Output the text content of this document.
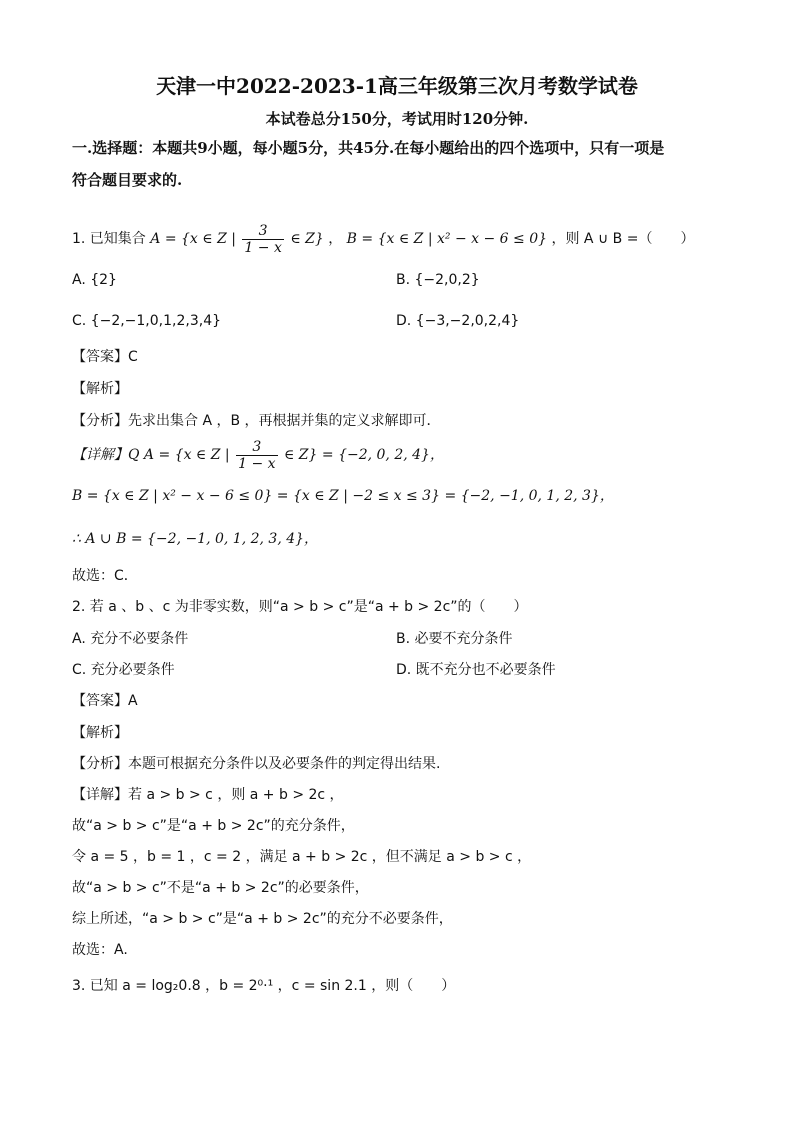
天津一中2022-2023-1高三年级第三次月考数学试卷
本试卷总分150分，考试用时120分钟.
一.选择题：本题共9小题，每小题5分，共45分.在每小题给出的四个选项中，只有一项是
符合题目要求的.
1. 已知集合 A = {x ∈ Z | $\frac{3}{1 - x}$ ∈ Z} ， B = {x ∈ Z | x² − x − 6 ≤ 0} ，则 A ∪ B =（　　）
A. {2}	B. {−2,0,2}
C. {−2,−1,0,1,2,3,4}	D. {−3,−2,0,2,4}
【答案】C
【解析】
【分析】先求出集合 A ，B ，再根据并集的定义求解即可．
【详解】Q A = {x ∈ Z | $\frac{3}{1 - x}$ ∈ Z} = {−2, 0, 2, 4}，
B = {x ∈ Z | x² − x − 6 ≤ 0} = {x ∈ Z | −2 ≤ x ≤ 3} = {−2, −1, 0, 1, 2, 3}，
∴ A ∪ B = {−2, −1, 0, 1, 2, 3, 4}，
故选：C．
2. 若 a 、b 、c 为非零实数，则“a > b > c”是“a + b > 2c”的（　　）
A. 充分不必要条件	B. 必要不充分条件
C. 充分必要条件	D. 既不充分也不必要条件
【答案】A
【解析】
【分析】本题可根据充分条件以及必要条件的判定得出结果.
【详解】若 a > b > c ，则 a + b > 2c ，
故“a > b > c”是“a + b > 2c”的充分条件，
令 a = 5 ，b = 1 ，c = 2 ，满足 a + b > 2c ，但不满足 a > b > c ，
故“a > b > c”不是“a + b > 2c”的必要条件，
综上所述，“a > b > c”是“a + b > 2c”的充分不必要条件，
故选：A.
3. 已知 a = log₂0.8 ，b = 2⁰·¹ ，c = sin 2.1 ，则（　　）
